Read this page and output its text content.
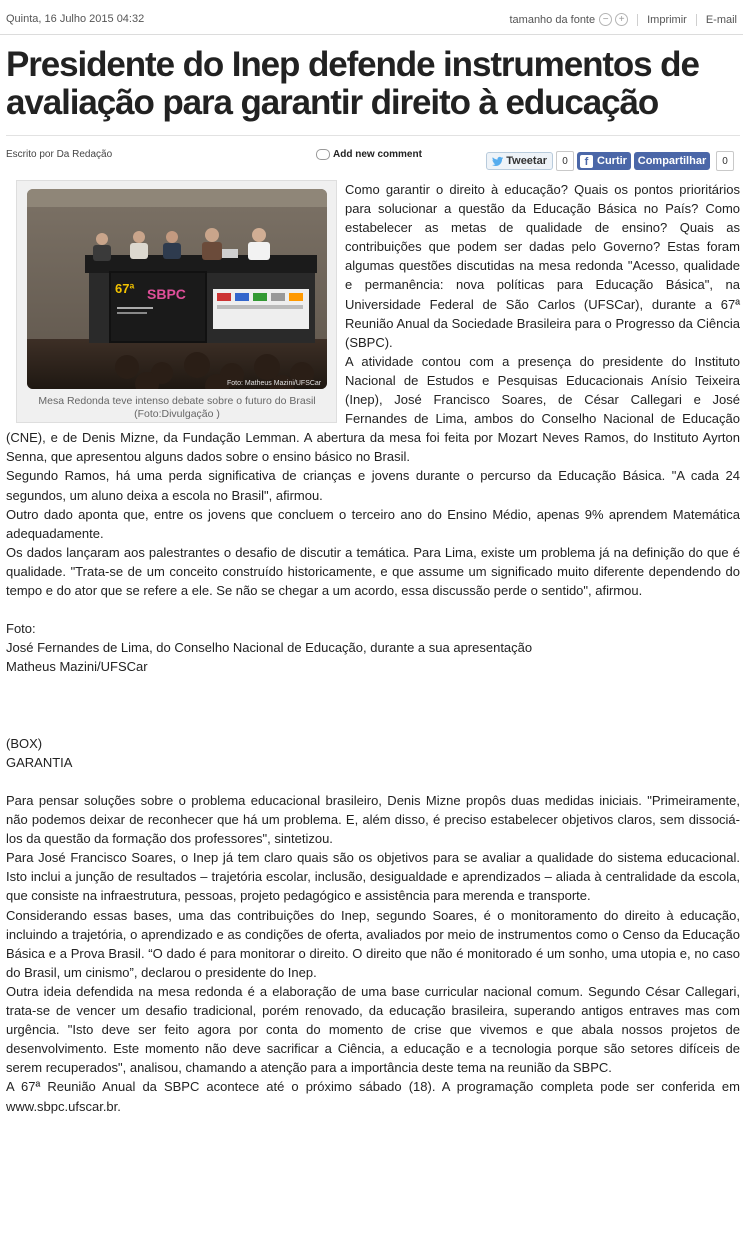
Quinta, 16 Julho 2015 04:32	tamanho da fonte −	+	Imprimir E-mail
Presidente do Inep defende instrumentos de avaliação para garantir direito à educação
Escrito por Da Redação	Add new comment
Tweetar	0	f Curtir Compartilhar	0
67ª SBPC
Foto: Matheus Mazini/UFSCar
Mesa Redonda teve intenso debate sobre o futuro do Brasil
(Foto:Divulgação )

Como garantir o direito à educação? Quais os pontos prioritários para solucionar a questão da Educação Básica no País? Como estabelecer as metas de qualidade de ensino? Quais as contribuições que podem ser dadas pelo Governo? Estas foram algumas questões discutidas na mesa redonda "Acesso, qualidade e permanência: nova políticas para Educação Básica", na Universidade Federal de São Carlos (UFSCar), durante a 67ª Reunião Anual da Sociedade Brasileira para o Progresso da Ciência (SBPC).

A atividade contou com a presença do presidente do Instituto Nacional de Estudos e Pesquisas Educacionais Anísio Teixeira (Inep), José Francisco Soares, de César Callegari e José Fernandes de Lima, ambos do Conselho Nacional de Educação (CNE), e de Denis Mizne, da Fundação Lemman. A abertura da mesa foi feita por Mozart Neves Ramos, do Instituto Ayrton Senna, que apresentou alguns dados sobre o ensino básico no Brasil.

Segundo Ramos, há uma perda significativa de crianças e jovens durante o percurso da Educação Básica. "A cada 24 segundos, um aluno deixa a escola no Brasil", afirmou.

Outro dado aponta que, entre os jovens que concluem o terceiro ano do Ensino Médio, apenas 9% aprendem Matemática adequadamente.

Os dados lançaram aos palestrantes o desafio de discutir a temática. Para Lima, existe um problema já na definição do que é qualidade. "Trata-se de um conceito construído historicamente, e que assume um significado muito diferente dependendo do tempo e do ator que se refere a ele. Se não se chegar a um acordo, essa discussão perde o sentido", afirmou.

Foto:

José Fernandes de Lima, do Conselho Nacional de Educação, durante a sua apresentação

Matheus Mazini/UFSCar

(BOX)

GARANTIA

Para pensar soluções sobre o problema educacional brasileiro, Denis Mizne propôs duas medidas iniciais. "Primeiramente, não podemos deixar de reconhecer que há um problema. E, além disso, é preciso estabelecer objetivos claros, sem dissociá-los da questão da formação dos professores", sintetizou.

Para José Francisco Soares, o Inep já tem claro quais são os objetivos para se avaliar a qualidade do sistema educacional. Isto inclui a junção de resultados – trajetória escolar, inclusão, desigualdade e aprendizados – aliada à centralidade da escola, que consiste na infraestrutura, pessoas, projeto pedagógico e assistência para merenda e transporte.

Considerando essas bases, uma das contribuições do Inep, segundo Soares, é o monitoramento do direito à educação, incluindo a trajetória, o aprendizado e as condições de oferta, avaliados por meio de instrumentos como o Censo da Educação Básica e a Prova Brasil. “O dado é para monitorar o direito. O direito que não é monitorado é um sonho, uma utopia e, no caso do Brasil, um cinismo”, declarou o presidente do Inep.

Outra ideia defendida na mesa redonda é a elaboração de uma base curricular nacional comum. Segundo César Callegari, trata-se de vencer um desafio tradicional, porém renovado, da educação brasileira, superando antigos entraves mas com urgência. "Isto deve ser feito agora por conta do momento de crise que vivemos e que abala nossos projetos de desenvolvimento. Este momento não deve sacrificar a Ciência, a educação e a tecnologia porque são setores difíceis de serem recuperados", analisou, chamando a atenção para a importância deste tema na reunião da SBPC.

A 67ª Reunião Anual da SBPC acontece até o próximo sábado (18). A programação completa pode ser conferida em www.sbpc.ufscar.br.
